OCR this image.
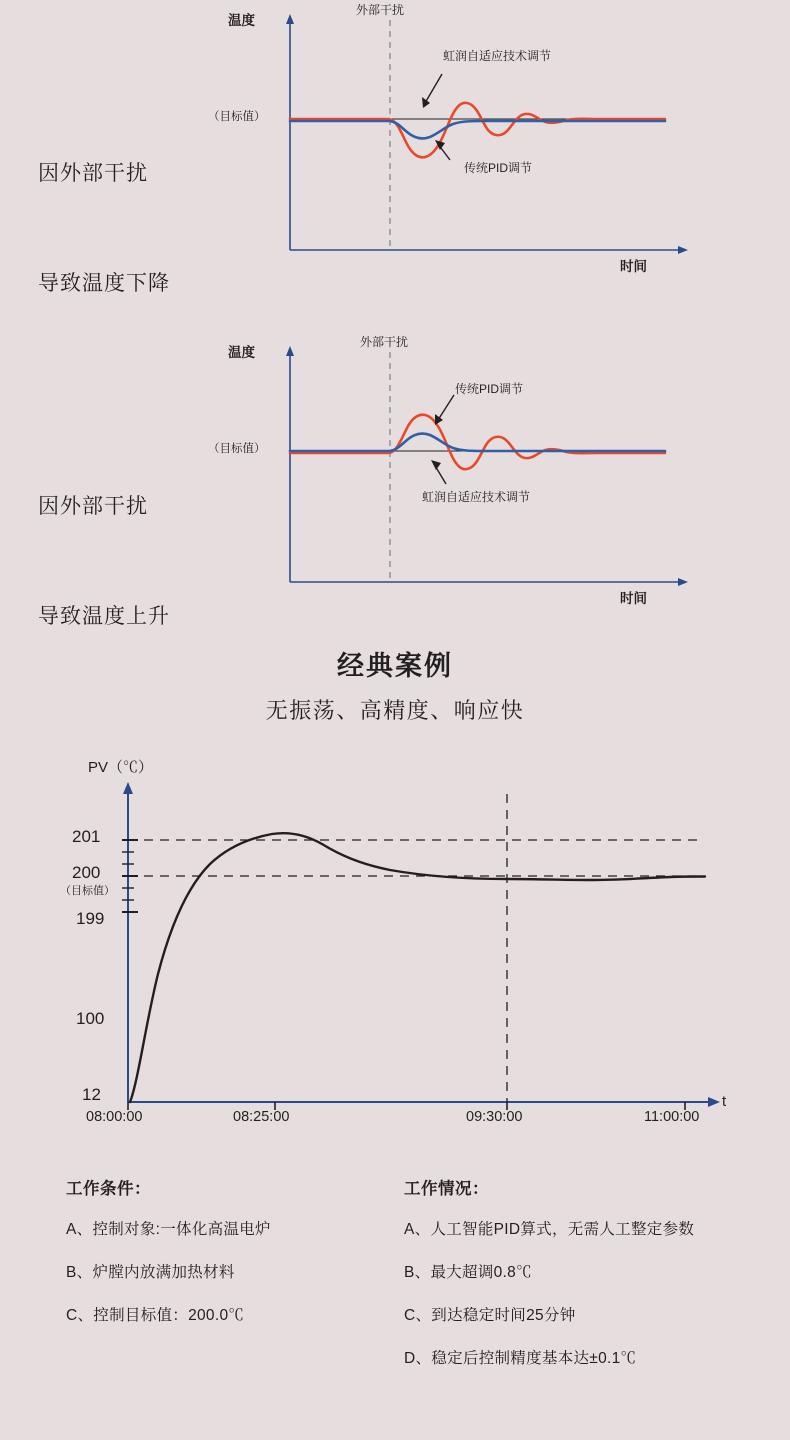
因外部干扰

导致温度下降

外部干扰
温度
时间
（目标值）
虹润自适应技术调节
传统PID调节

因外部干扰

导致温度上升

外部干扰
温度
时间
（目标值）
传统PID调节
虹润自适应技术调节
经典案例
无振荡、高精度、响应快
PV（℃）
201
200
（目标值）
199
100
12
08:00:00	08:25:00	09:30:00	11:00:00
t
工作条件：
A、控制对象:一体化高温电炉
B、炉膛内放满加热材料
C、控制目标值：200.0℃
工作情况：
A、人工智能PID算式，无需人工整定参数
B、最大超调0.8℃
C、到达稳定时间25分钟
D、稳定后控制精度基本达±0.1℃
